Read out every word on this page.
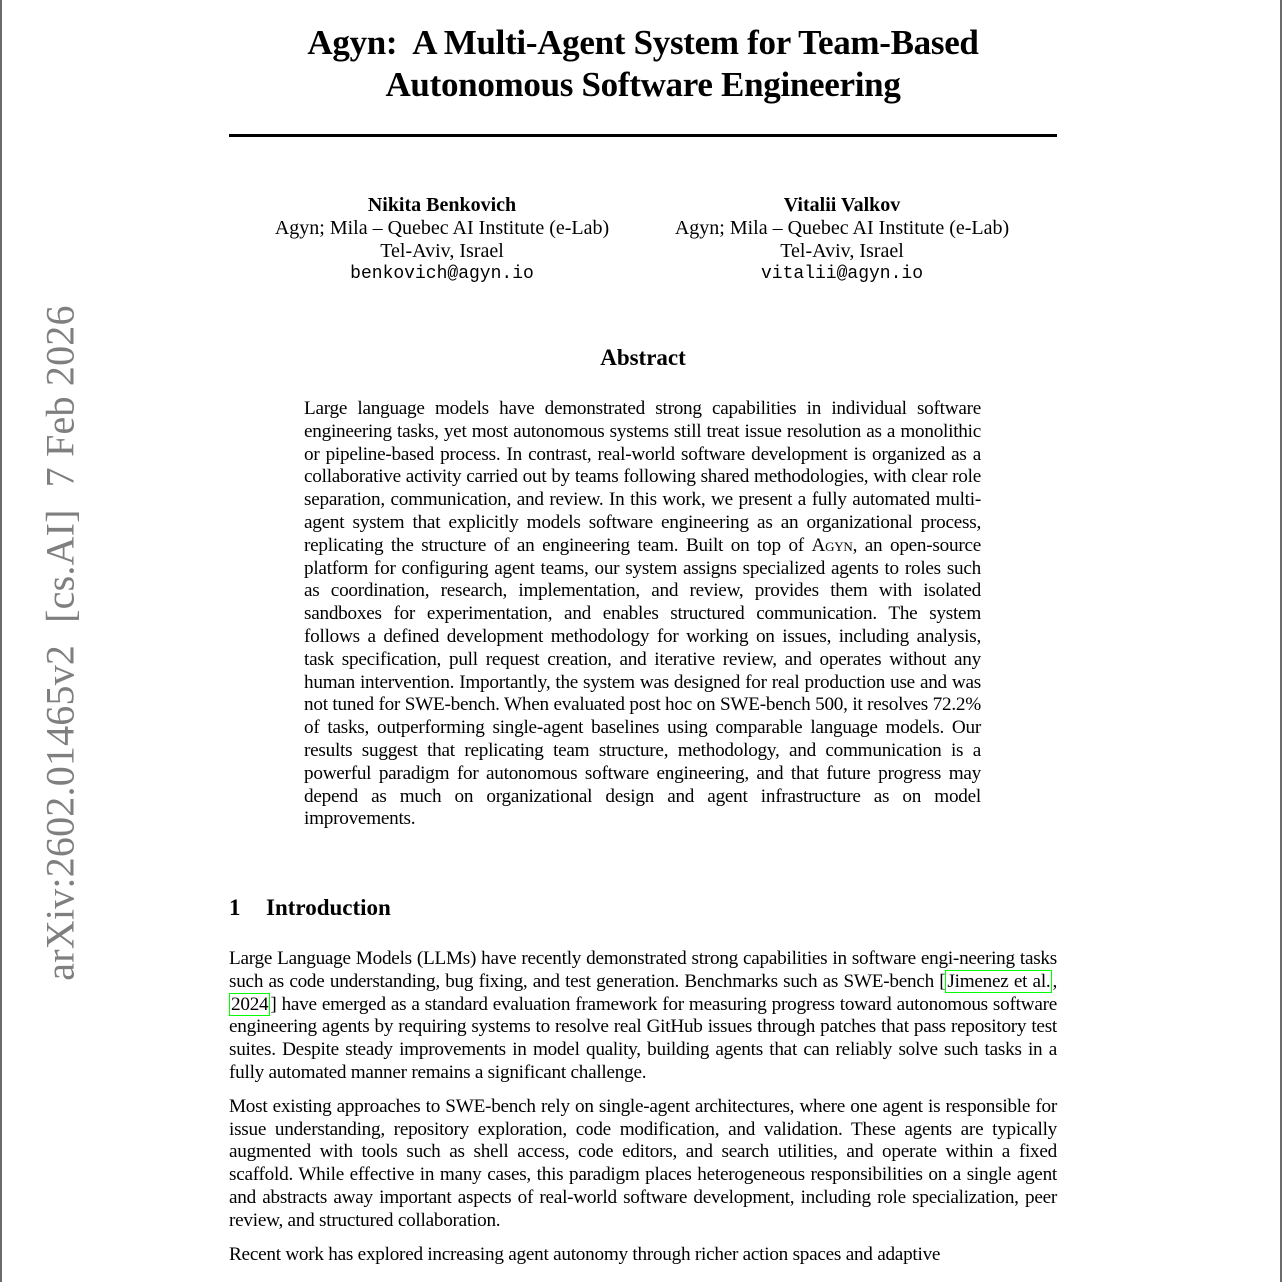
arXiv:2602.01465v2[cs.AI]7 Feb 2026
Agyn:  A Multi-Agent System for Team-Based
Autonomous Software Engineering
Nikita Benkovich
Agyn; Mila – Quebec AI Institute (e-Lab)
Tel-Aviv, Israel
benkovich@agyn.io
Vitalii Valkov
Agyn; Mila – Quebec AI Institute (e-Lab)
Tel-Aviv, Israel
vitalii@agyn.io
Abstract
Large language models have demonstrated strong capabilities in individual software engineering tasks, yet most autonomous systems still treat issue resolution as a monolithic or pipeline-based process. In contrast, real-world software development is organized as a collaborative activity carried out by teams following shared methodologies, with clear role separation, communication, and review. In this work, we present a fully automated multi-agent system that explicitly models software engineering as an organizational process, replicating the structure of an engineering team. Built on top of Agyn, an open-source platform for configuring agent teams, our system assigns specialized agents to roles such as coordination, research, implementation, and review, provides them with isolated sandboxes for experimentation, and enables structured communication. The system follows a defined development methodology for working on issues, including analysis, task specification, pull request creation, and iterative review, and operates without any human intervention. Importantly, the system was designed for real production use and was not tuned for SWE-bench. When evaluated post hoc on SWE-bench 500, it resolves 72.2% of tasks, outperforming single-agent baselines using comparable language models. Our results suggest that replicating team structure, methodology, and communication is a powerful paradigm for autonomous software engineering, and that future progress may depend as much on organizational design and agent infrastructure as on model improvements.
1 Introduction

Large Language Models (LLMs) have recently demonstrated strong capabilities in software engi-neering tasks such as code understanding, bug fixing, and test generation. Benchmarks such as SWE-bench [ Jimenez et al. , 2024 ] have emerged as a standard evaluation framework for measuring progress toward autonomous software engineering agents by requiring systems to resolve real GitHub issues through patches that pass repository test suites. Despite steady improvements in model quality, building agents that can reliably solve such tasks in a fully automated manner remains a significant challenge.

Most existing approaches to SWE-bench rely on single-agent architectures, where one agent is responsible for issue understanding, repository exploration, code modification, and validation. These agents are typically augmented with tools such as shell access, code editors, and search utilities, and operate within a fixed scaffold. While effective in many cases, this paradigm places heterogeneous responsibilities on a single agent and abstracts away important aspects of real-world software development, including role specialization, peer review, and structured collaboration.

Recent work has explored increasing agent autonomy through richer action spaces and adaptive
